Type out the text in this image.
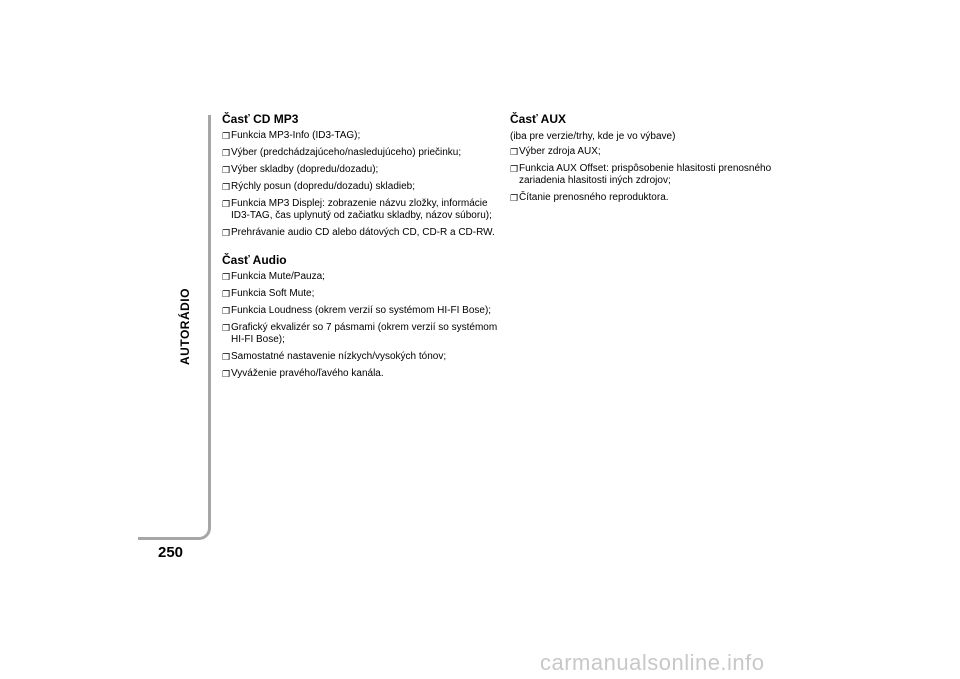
AUTORÁDIO
250
Časť CD MP3
❐ Funkcia MP3-Info (ID3-TAG);
❐ Výber (predchádzajúceho/nasledujúceho) priečinku;
❐ Výber skladby (dopredu/dozadu);
❐ Rýchly posun (dopredu/dozadu) skladieb;
❐ Funkcia MP3 Displej: zobrazenie názvu zložky, informácie ID3-TAG, čas uplynutý od začiatku skladby, názov súboru);
❐ Prehrávanie audio CD alebo dátových CD, CD-R a CD-RW.
Časť Audio
❐ Funkcia Mute/Pauza;
❐ Funkcia Soft Mute;
❐ Funkcia Loudness (okrem verzií so systémom HI-FI Bose);
❐ Grafický ekvalizér so 7 pásmami (okrem verzií so systémom HI-FI Bose);
❐ Samostatné nastavenie nízkych/vysokých tónov;
❐ Vyváženie pravého/ľavého kanála.
Časť AUX

(iba pre verzie/trhy, kde je vo výbave)

❐ Výber zdroja AUX;
❐ Funkcia AUX Offset: prispôsobenie hlasitosti prenosného zariadenia hlasitosti iných zdrojov;
❐ Čítanie prenosného reproduktora.
carmanualsonline.info
